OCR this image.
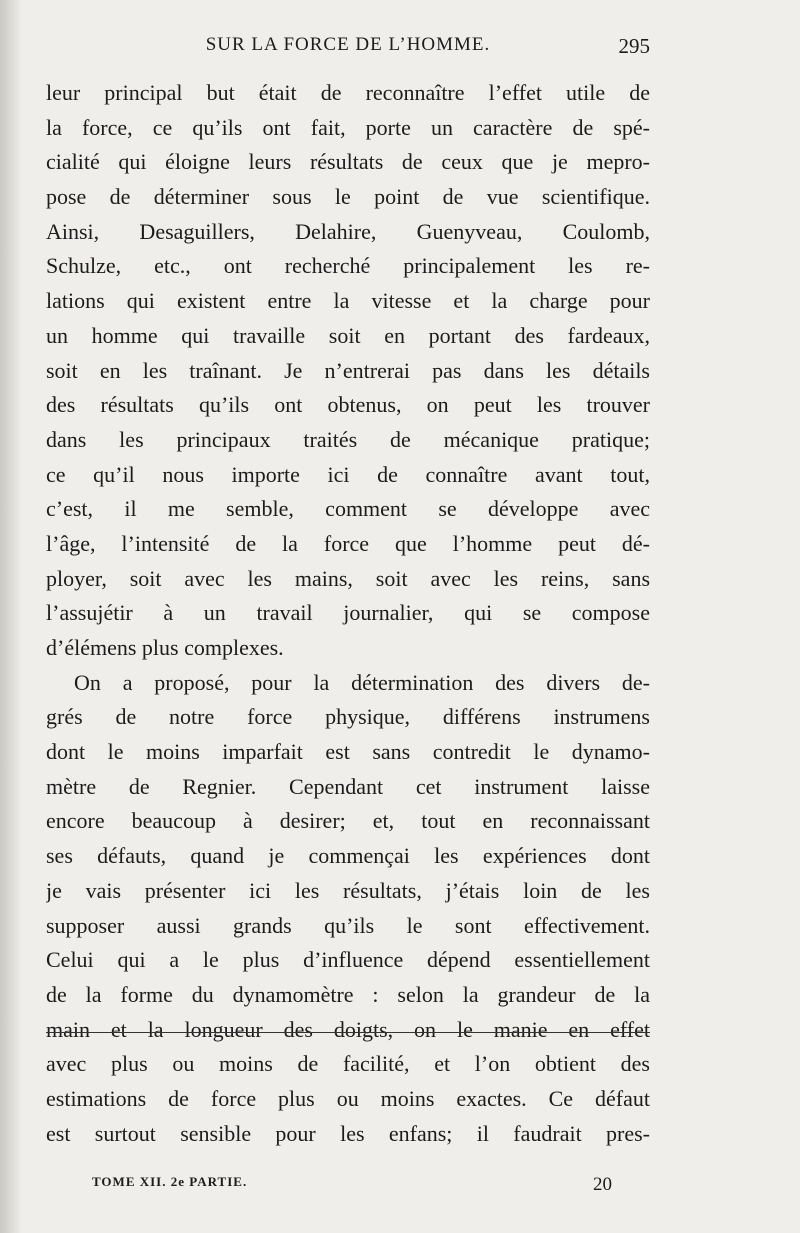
SUR LA FORCE DE L’HOMME.	295
leur principal but était de reconnaître l’effet utile de
la force, ce qu’ils ont fait, porte un caractère de spé-
cialité qui éloigne leurs résultats de ceux que je mepro-
pose de déterminer sous le point de vue scientifique.
Ainsi, Desaguillers, Delahire, Guenyveau, Coulomb,
Schulze, etc., ont recherché principalement les re-
lations qui existent entre la vitesse et la charge pour
un homme qui travaille soit en portant des fardeaux,
soit en les traînant. Je n’entrerai pas dans les détails
des résultats qu’ils ont obtenus, on peut les trouver
dans les principaux traités de mécanique pratique;
ce qu’il nous importe ici de connaître avant tout,
c’est, il me semble, comment se développe avec
l’âge, l’intensité de la force que l’homme peut dé-
ployer, soit avec les mains, soit avec les reins, sans
l’assujétir à un travail journalier, qui se compose
d’élémens plus complexes.
On a proposé, pour la détermination des divers de-
grés de notre force physique, différens instrumens
dont le moins imparfait est sans contredit le dynamo-
mètre de Regnier. Cependant cet instrument laisse
encore beaucoup à desirer; et, tout en reconnaissant
ses défauts, quand je commençai les expériences dont
je vais présenter ici les résultats, j’étais loin de les
supposer aussi grands qu’ils le sont effectivement.
Celui qui a le plus d’influence dépend essentiellement
de la forme du dynamomètre : selon la grandeur de la
main et la longueur des doigts, on le manie en effet
avec plus ou moins de facilité, et l’on obtient des
estimations de force plus ou moins exactes. Ce défaut
est surtout sensible pour les enfans; il faudrait pres-
TOME XII. 2e PARTIE.	20
